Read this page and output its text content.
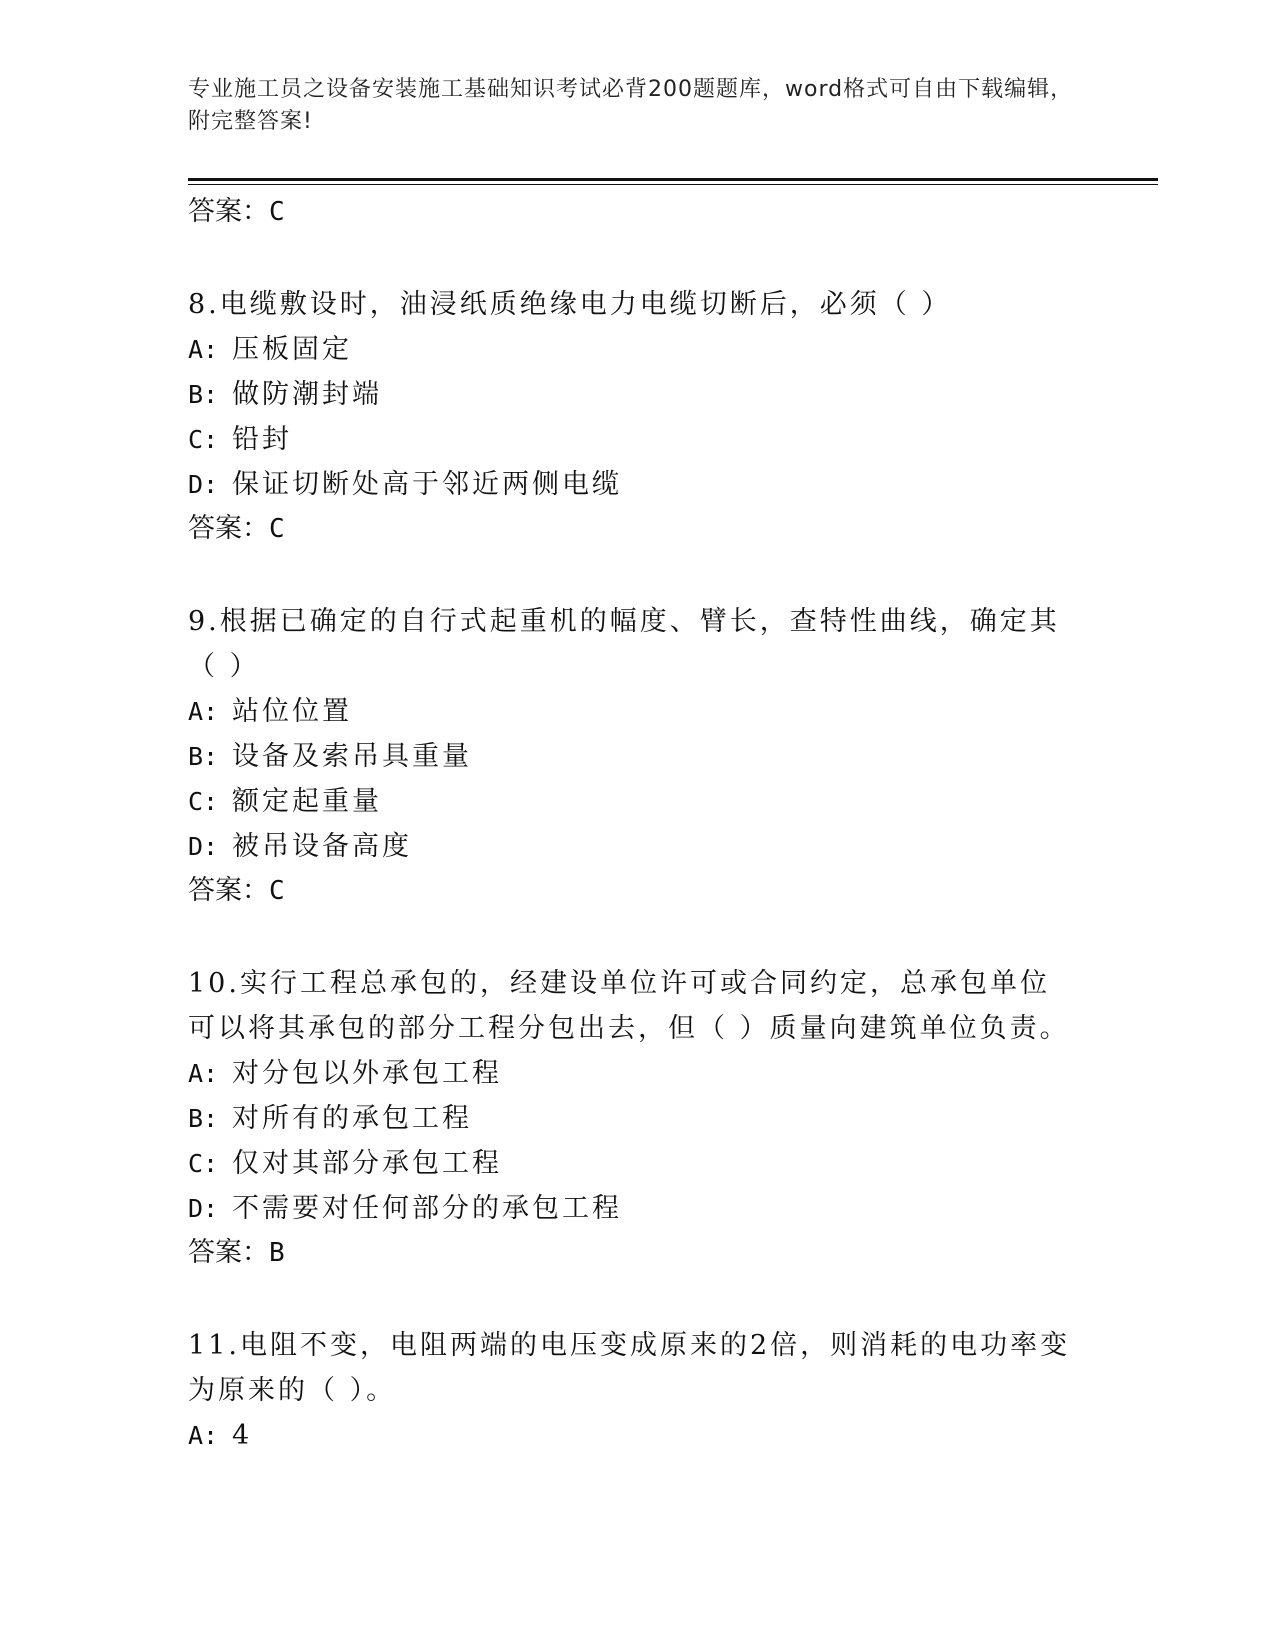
专业施工员之设备安装施工基础知识考试必背200题题库，word格式可自由下载编辑，附完整答案!

答案：C

8.电缆敷设时，油浸纸质绝缘电力电缆切断后，必须（ ）

A: 压板固定

B: 做防潮封端

C: 铅封

D: 保证切断处高于邻近两侧电缆

答案：C

9.根据已确定的自行式起重机的幅度、臂长，查特性曲线，确定其（ ）

A: 站位位置

B: 设备及索吊具重量

C: 额定起重量

D: 被吊设备高度

答案：C

10.实行工程总承包的，经建设单位许可或合同约定，总承包单位可以将其承包的部分工程分包出去，但（ ）质量向建筑单位负责。

A: 对分包以外承包工程

B: 对所有的承包工程

C: 仅对其部分承包工程

D: 不需要对任何部分的承包工程

答案：B

11.电阻不变，电阻两端的电压变成原来的2倍，则消耗的电功率变为原来的（ ）。

A: 4
